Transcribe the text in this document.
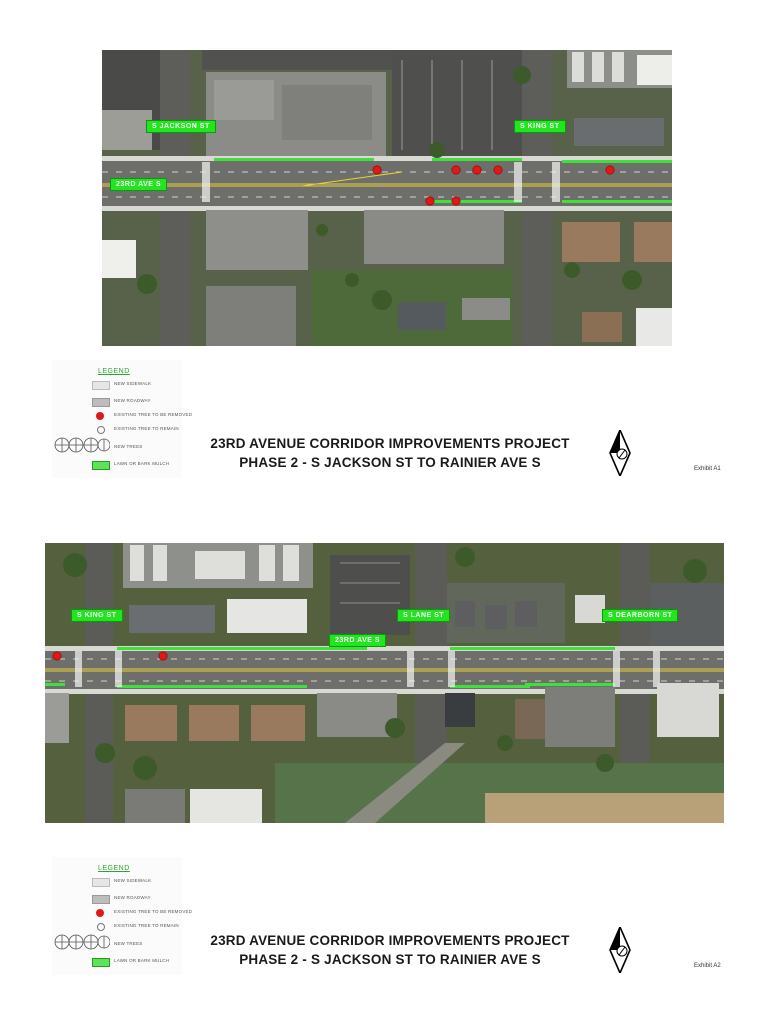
S JACKSON ST	S KING ST
23RD AVE S
LEGEND
NEW SIDEWALK
NEW ROADWAY
EXISTING TREE TO BE REMOVED
EXISTING TREE TO REMAIN
NEW TREES
LAWN OR BARK MULCH
23RD AVENUE CORRIDOR IMPROVEMENTS PROJECT
PHASE 2 - S JACKSON ST TO RAINIER AVE S	Exhibit A1
S KING ST	S LANE ST	S DEARBORN ST
23RD AVE S
LEGEND
NEW SIDEWALK
NEW ROADWAY
EXISTING TREE TO BE REMOVED
EXISTING TREE TO REMAIN
NEW TREES
LAWN OR BARK MULCH
23RD AVENUE CORRIDOR IMPROVEMENTS PROJECT
PHASE 2 - S JACKSON ST TO RAINIER AVE S	Exhibit A2
